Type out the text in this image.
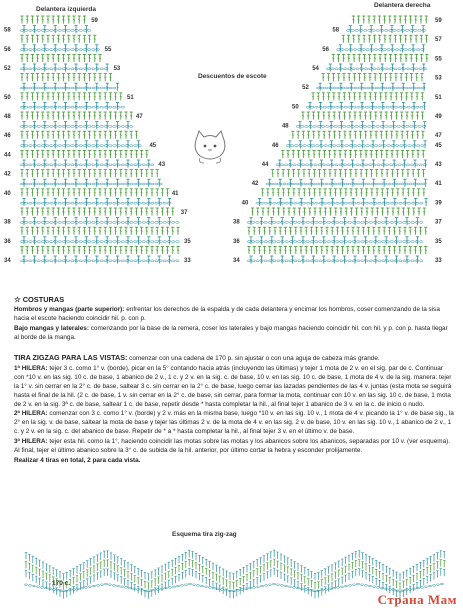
Delantera izquierda
Delantera derecha
Descuentos de escote
59
55
53
51
47
45
43
41
37
35
33
58
56
52
50
48
46
44
42
40
38
36
34
59
57
55
53
51
49
47
45
43
41
39
37
35
33
58
56
54
52
50
48
46
44
42
40
38
36
34

☆ COSTURAS

Hombros y mangas (parte superior): enfrentar los derechos de la espalda y de cada delantera y encimar los hombros, coser comenzando de la sisa hacia el escote haciendo coincidir hil. p. con p.

Bajo mangas y laterales: comenzando por la base de la remera, coser los laterales y bajo mangas haciendo coincidir hil. con hil. y p. con p. hasta llegar al borde de la manga.

TIRA ZIGZAG PARA LAS VISTAS: comenzar con una cadena de 170 p. sin ajustar o con una aguja de cabeza más grande.

1ª HILERA: tejer 3 c. como 1° v. (borde), picar en la 5° contando hacia atrás (incluyendo las últimas) y tejer 1 mota de 2 v. en el sig. par de c. Continuar con *10 v. en las sig. 10 c. de base, 1 abanico de 2 v., 1 c. y 2 v. en la sig. c. de base, 10 v. en las sig. 10 c. de base, 1 mota de 4 v. de la sig. manera: tejer la 1° v. sin cerrar en la 2° c. de base, saltear 3 c. sin cerrar en la 2° c. de base, luego cerrar las lazadas pendientes de las 4 v. juntas (esta mota se seguirá hasta el final de la hil. (2 c. de base, 1 v. sin cerrar en la 2° c. de base, sin cerrar, para formar la mota, continuar con 10 v. en las sig. 10 c. de base, 1 mota de 2 v. en la sig. 3ª c. de base, saltear 1 c. de base, repetir desde * hasta completar la hil., al final tejer 1 abanico de 3 v. en la c. de inicio o nudo.

2ª HILERA: comenzar con 3 c. como 1° v. (borde) y 2 v. más en la misma base, luego *10 v. en las sig. 10 v., 1 mota de 4 v. picando la 1° v. de base sig., la 2° en la sig. v. de base, saltear la mota de base y tejer las últimas 2 v. de la mota de 4 v. en las sig. 2 v. de base, 10 v. en las sig. 10 v., 1 abanico de 2 v., 1 c. y 2 v. en la sig. c. del abanico de base. Repetir de * a * hasta completar la hil., al final tejer 3 v. en el último v. de base.

3ª HILERA: tejer esta hil. como la 1°, haciendo coincidir las motas sobre las motas y los abanicos sobre los abanicos, separadas por 10 v. (ver esquema). Al final, tejer el último abanico sobre la 3° c. de subida de la hil. anterior, por último cortar la hebra y esconder prolijamente.

Realizar 4 tiras en total, 2 para cada vista.

Esquema tira zig-zag
170 c.
Страна Мам
